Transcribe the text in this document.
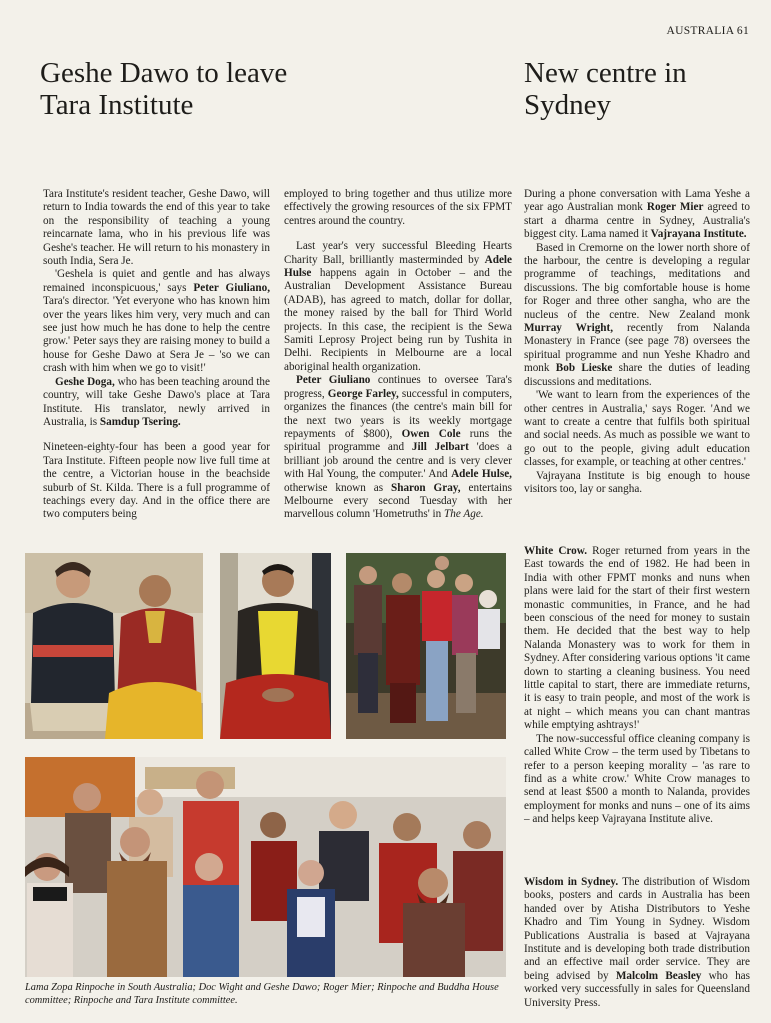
AUSTRALIA 61
Geshe Dawo to leave
Tara Institute
New centre in
Sydney

Tara Institute's resident teacher, Geshe Dawo, will return to India towards the end of this year to take on the responsibility of teaching a young reincarnate lama, who in his previous life was Geshe's teacher. He will return to his monastery in south India, Sera Je.

'Geshela is quiet and gentle and has always remained inconspicuous,' says Peter Giuliano, Tara's director. 'Yet everyone who has known him over the years likes him very, very much and can see just how much he has done to help the centre grow.' Peter says they are raising money to build a house for Geshe Dawo at Sera Je – 'so we can crash with him when we go to visit!'

Geshe Doga, who has been teaching around the country, will take Geshe Dawo's place at Tara Institute. His translator, newly arrived in Australia, is Samdup Tsering.

Nineteen-eighty-four has been a good year for Tara Institute. Fifteen people now live full time at the centre, a Victorian house in the beachside suburb of St. Kilda. There is a full programme of teachings every day. And in the office there are two computers being

employed to bring together and thus utilize more effectively the growing resources of the six FPMT centres around the country.

Last year's very successful Bleeding Hearts Charity Ball, brilliantly masterminded by Adele Hulse happens again in October – and the Australian Development Assistance Bureau (ADAB), has agreed to match, dollar for dollar, the money raised by the ball for Third World projects. In this case, the recipient is the Sewa Samiti Leprosy Project being run by Tushita in Delhi. Recipients in Melbourne are a local aboriginal health organization.

Peter Giuliano continues to oversee Tara's progress, George Farley, successful in computers, organizes the finances (the centre's main bill for the next two years is its weekly mortgage repayments of $800), Owen Cole runs the spiritual programme and Jill Jelbart 'does a brilliant job around the centre and is very clever with Hal Young, the computer.' And Adele Hulse, otherwise known as Sharon Gray, entertains Melbourne every second Tuesday with her marvellous column 'Hometruths' in The Age.

During a phone conversation with Lama Yeshe a year ago Australian monk Roger Mier agreed to start a dharma centre in Sydney, Australia's biggest city. Lama named it Vajrayana Institute.

Based in Cremorne on the lower north shore of the harbour, the centre is developing a regular programme of teachings, meditations and discussions. The big comfortable house is home for Roger and three other sangha, who are the nucleus of the centre. New Zealand monk Murray Wright, recently from Nalanda Monastery in France (see page 78) oversees the spiritual programme and nun Yeshe Khadro and monk Bob Lieske share the duties of leading discussions and meditations.

'We want to learn from the experiences of the other centres in Australia,' says Roger. 'And we want to create a centre that fulfils both spiritual and social needs. As much as possible we want to go out to the people, giving adult education classes, for example, or teaching at other centres.'

Vajrayana Institute is big enough to house visitors too, lay or sangha.

White Crow. Roger returned from years in the East towards the end of 1982. He had been in India with other FPMT monks and nuns when plans were laid for the start of their first western monastic communities, in France, and he had been conscious of the need for money to sustain them. He decided that the best way to help Nalanda Monastery was to work for them in Sydney. After considering various options 'it came down to starting a cleaning business. You need little capital to start, there are immediate returns, it is easy to train people, and most of the work is at night – which means you can chant mantras while emptying ashtrays!'

The now-successful office cleaning company is called White Crow – the term used by Tibetans to refer to a person keeping morality – 'as rare to find as a white crow.' White Crow manages to send at least $500 a month to Nalanda, provides employment for monks and nuns – one of its aims – and helps keep Vajrayana Institute alive.

Wisdom in Sydney. The distribution of Wisdom books, posters and cards in Australia has been handed over by Atisha Distributors to Yeshe Khadro and Tim Young in Sydney. Wisdom Publications Australia is based at Vajrayana Institute and is developing both trade distribution and an effective mail order service. They are being advised by Malcolm Beasley who has worked very successfully in sales for Queensland University Press.

Lama Zopa Rinpoche in South Australia; Doc Wight and Geshe Dawo; Roger Mier; Rinpoche and Buddha House committee; Rinpoche and Tara Institute committee.
